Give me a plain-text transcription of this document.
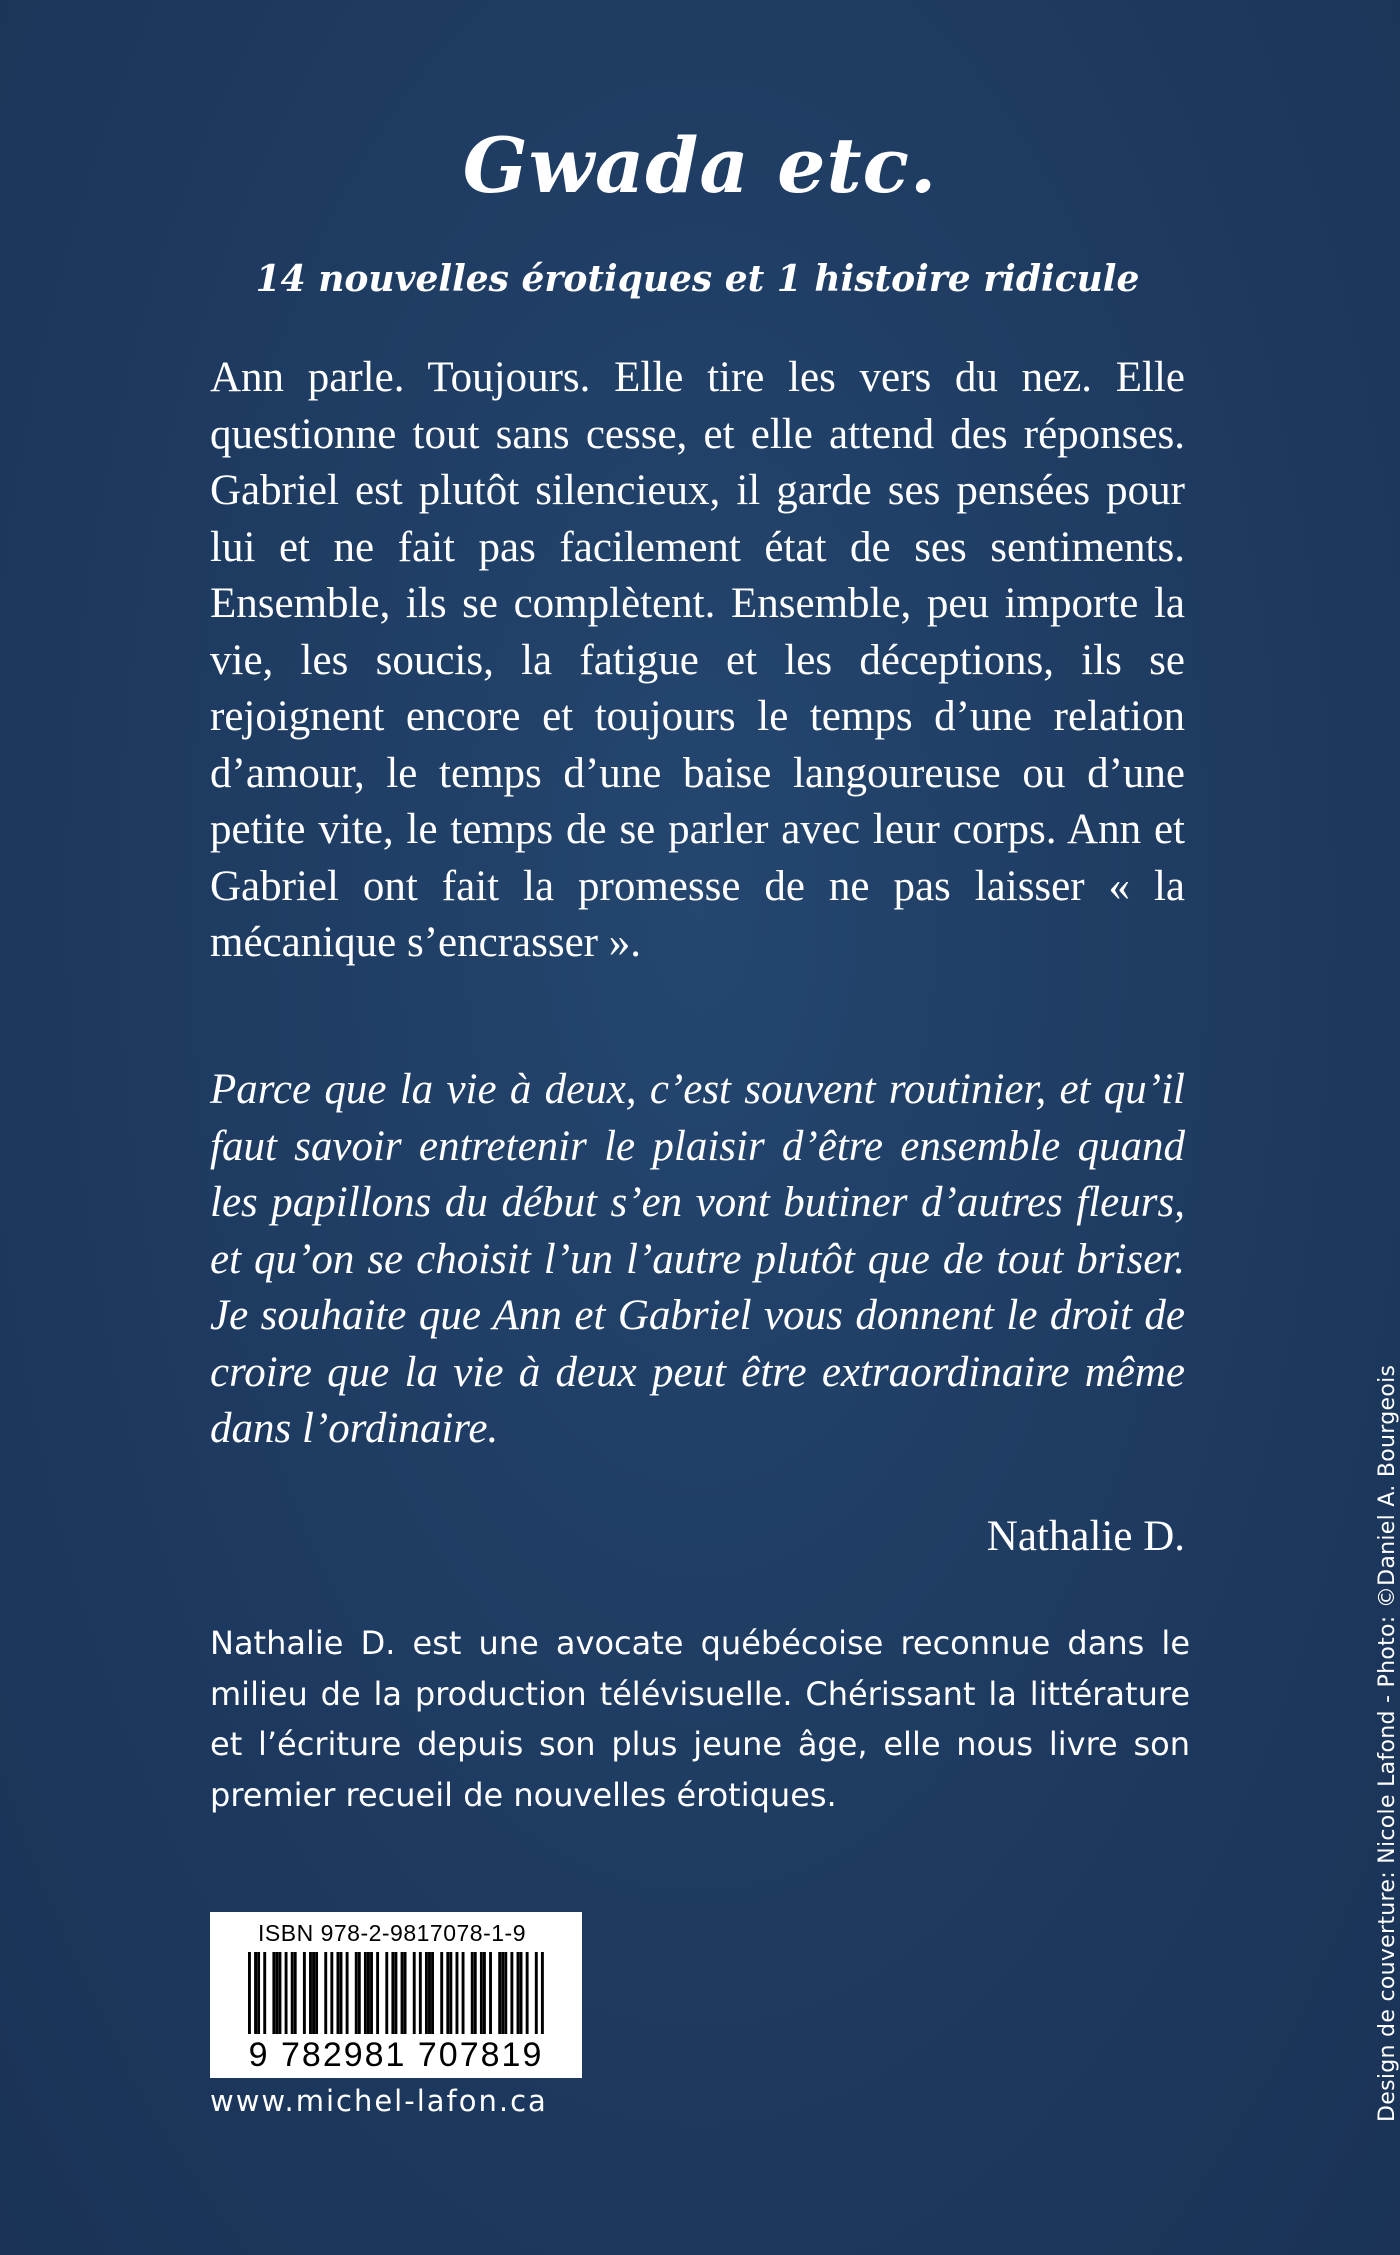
Gwada etc.
14 nouvelles érotiques et 1 histoire ridicule
Ann parle. Toujours. Elle tire les vers du nez. Elle questionne tout sans cesse, et elle attend des réponses. Gabriel est plutôt silencieux, il garde ses pensées pour lui et ne fait pas facilement état de ses sentiments. Ensemble, ils se complètent. Ensemble, peu importe la vie, les soucis, la fatigue et les déceptions, ils se rejoignent encore et toujours le temps d’une relation d’amour, le temps d’une baise langoureuse ou d’une petite vite, le temps de se parler avec leur corps. Ann et Gabriel ont fait la promesse de ne pas laisser « la mécanique s’encrasser ».
Parce que la vie à deux, c’est souvent routinier, et qu’il faut savoir entretenir le plaisir d’être ensemble quand les papillons du début s’en vont butiner d’autres fleurs, et qu’on se choisit l’un l’autre plutôt que de tout briser. Je souhaite que Ann et Gabriel vous donnent le droit de croire que la vie à deux peut être extraordinaire même dans l’ordinaire.
Nathalie D.
Nathalie D. est une avocate québécoise reconnue dans le milieu de la production télévisuelle. Chérissant la littérature et l’écriture depuis son plus jeune âge, elle nous livre son premier recueil de nouvelles érotiques.
ISBN 978-2-9817078-1-9
9 782981 707819
www.michel-lafon.ca	Design de couverture: Nicole Lafond - Photo: ©Daniel A. Bourgeois
